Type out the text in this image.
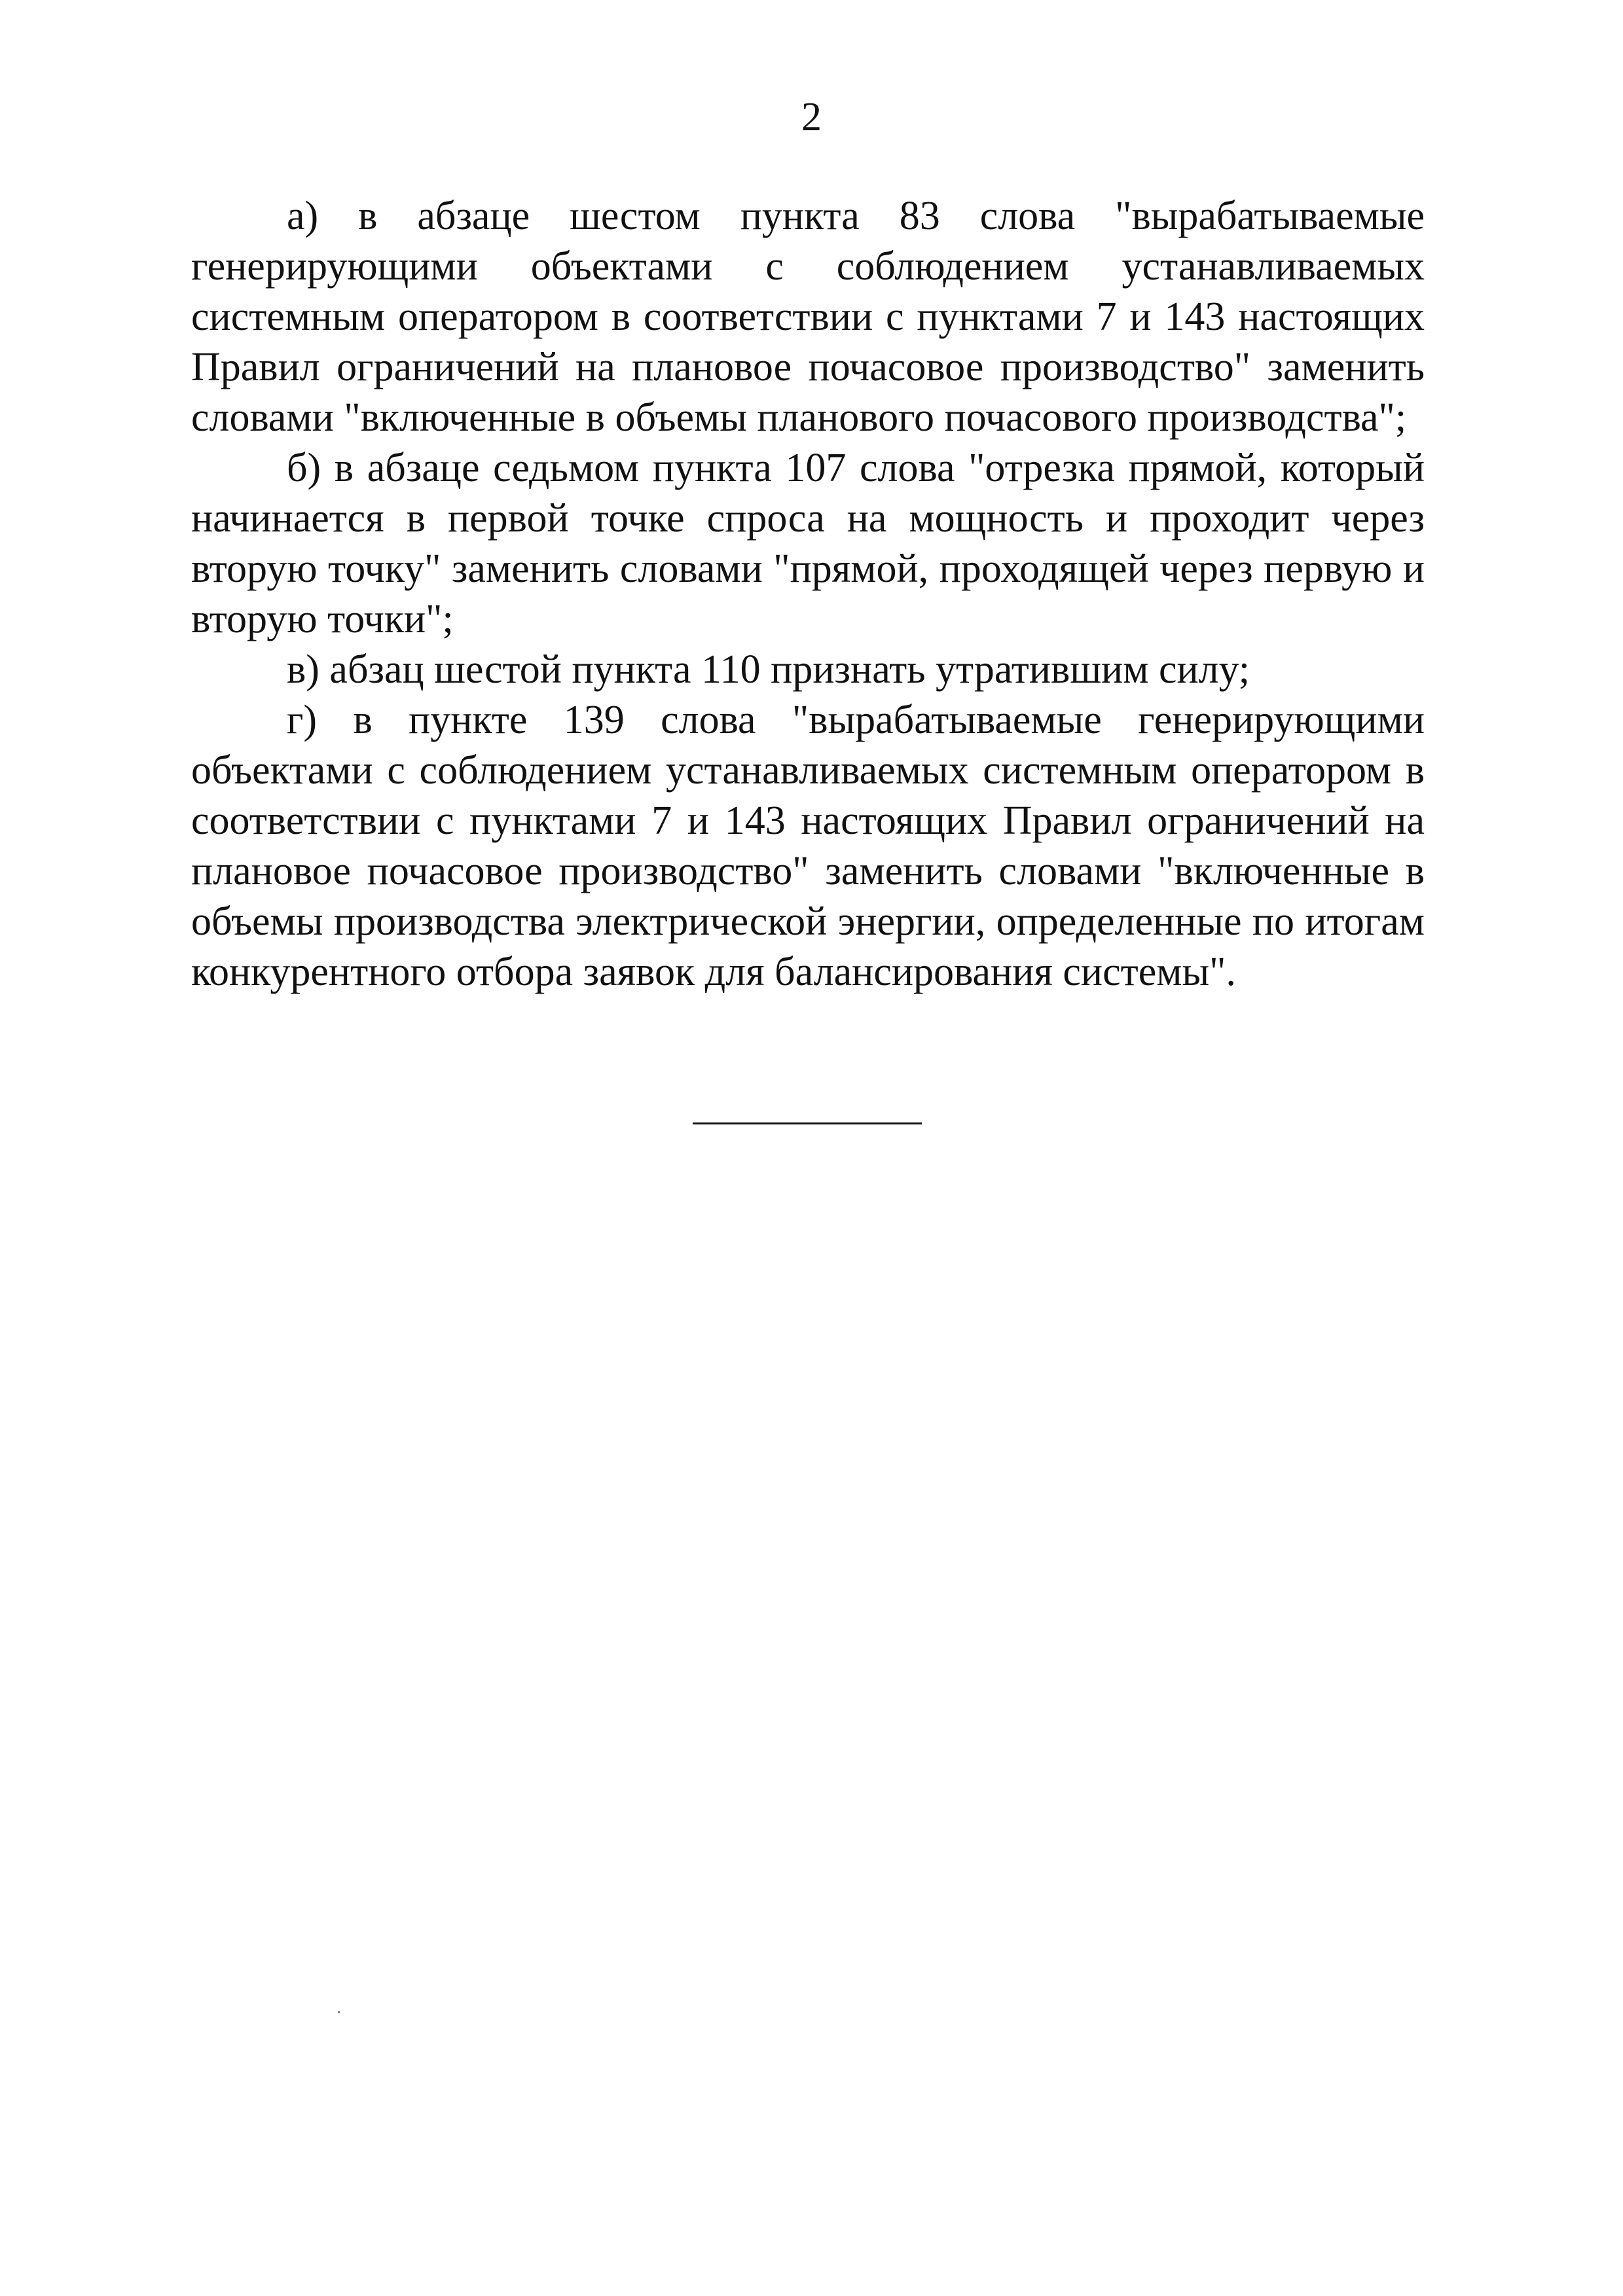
2

а) в абзаце шестом пункта 83 слова "вырабатываемые генерирующими объектами с соблюдением устанавливаемых системным оператором в соответствии с пунктами 7 и 143 настоящих Правил ограничений на плановое почасовое производство" заменить словами "включенные в объемы планового почасового производства";

б) в абзаце седьмом пункта 107 слова "отрезка прямой, который начинается в первой точке спроса на мощность и проходит через вторую точку" заменить словами "прямой, проходящей через первую и вторую точки";

в) абзац шестой пункта 110 признать утратившим силу;

г) в пункте 139 слова "вырабатываемые генерирующими объектами с соблюдением устанавливаемых системным оператором в соответствии с пунктами 7 и 143 настоящих Правил ограничений на плановое почасовое производство" заменить словами "включенные в объемы производства электрической энергии, определенные по итогам конкурентного отбора заявок для балансирования системы".
